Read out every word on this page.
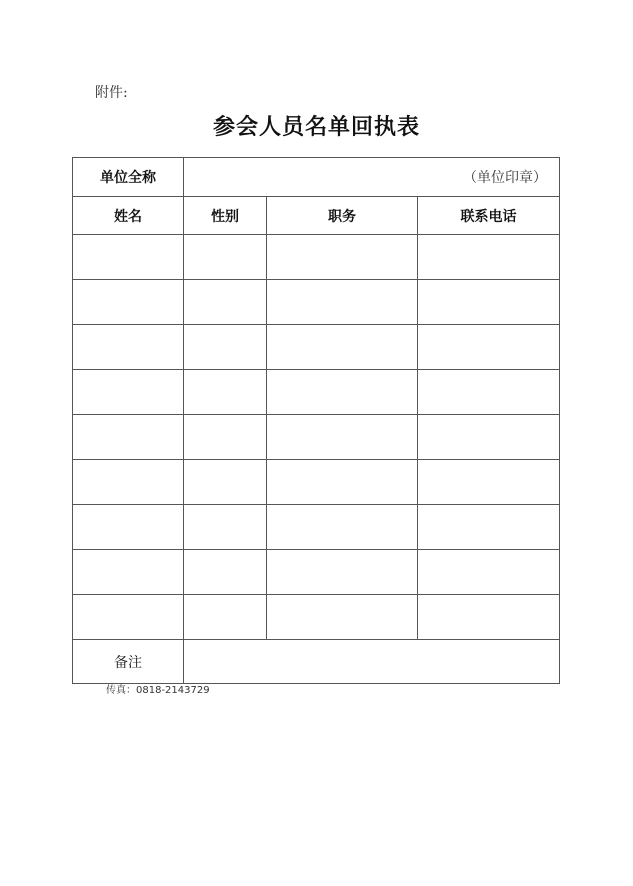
附件:
参会人员名单回执表
单位全称	（单位印章）		
姓名	性别	职务	联系电话

备注			
传真：0818-2143729
